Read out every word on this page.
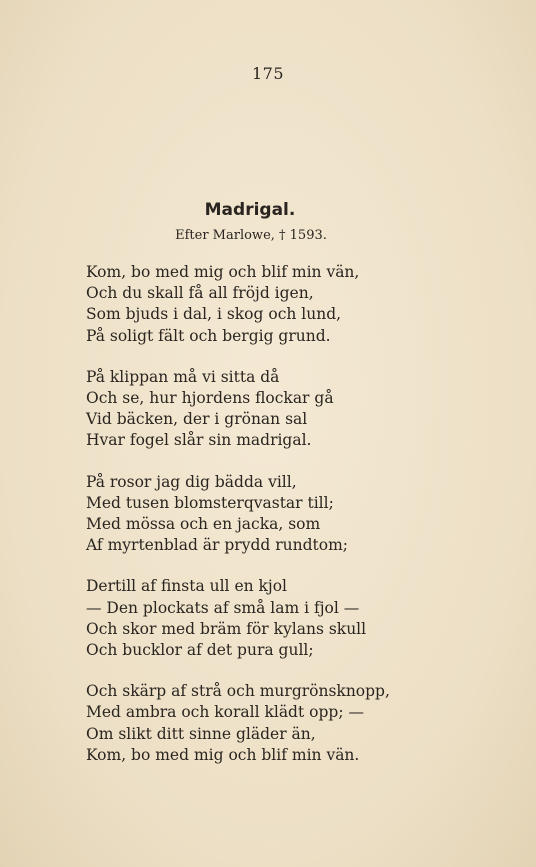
175
Madrigal.
Efter Marlowe, † 1593.
Kom, bo med mig och blif min vän,
Och du skall få all fröjd igen,
Som bjuds i dal, i skog och lund,
På soligt fält och bergig grund.
På klippan må vi sitta då
Och se, hur hjordens flockar gå
Vid bäcken, der i grönan sal
Hvar fogel slår sin madrigal.
På rosor jag dig bädda vill,
Med tusen blomsterqvastar till;
Med mössa och en jacka, som
Af myrtenblad är prydd rundtom;
Dertill af finsta ull en kjol
— Den plockats af små lam i fjol —
Och skor med bräm för kylans skull
Och bucklor af det pura gull;
Och skärp af strå och murgrönsknopp,
Med ambra och korall klädt opp; —
Om slikt ditt sinne gläder än,
Kom, bo med mig och blif min vän.
